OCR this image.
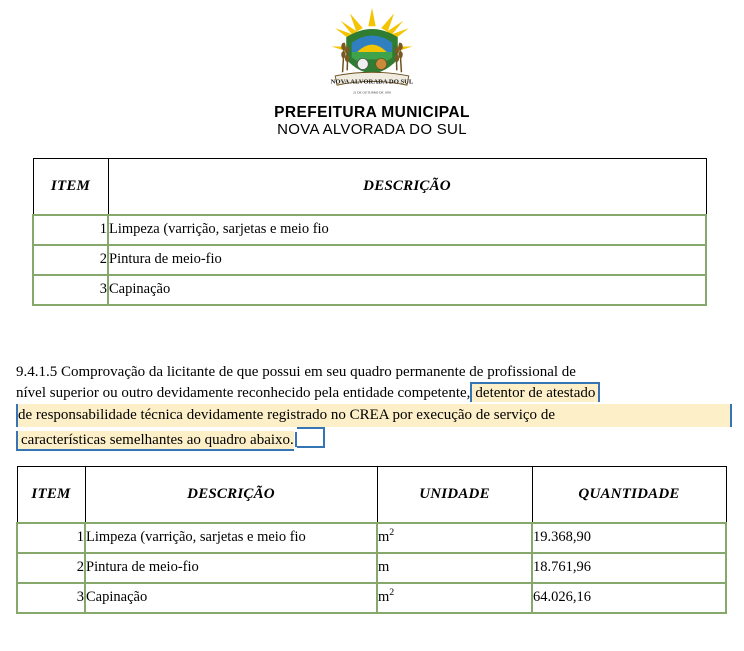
NOVA ALVORADA DO SUL
22 DE OUTUBRO DE 1958
PREFEITURA MUNICIPAL
NOVA ALVORADA DO SUL
ITEM	DESCRIÇÃO
1	Limpeza (varrição, sarjetas e meio fio
2	Pintura de meio-fio
3	Capinação
9.4.1.5 Comprovação da licitante de que possui em seu quadro permanente de profissional de
nível superior ou outro devidamente reconhecido pela entidade competente, detentor de atestado
de responsabilidade técnica devidamente registrado no CREA por execução de serviço de
características semelhantes ao quadro abaixo.
ITEM	DESCRIÇÃO	UNIDADE	QUANTIDADE
1	Limpeza (varrição, sarjetas e meio fio	$m^2$	19.368,90
2	Pintura de meio-fio	m	18.761,96
3	Capinação	$m^2$	64.026,16
